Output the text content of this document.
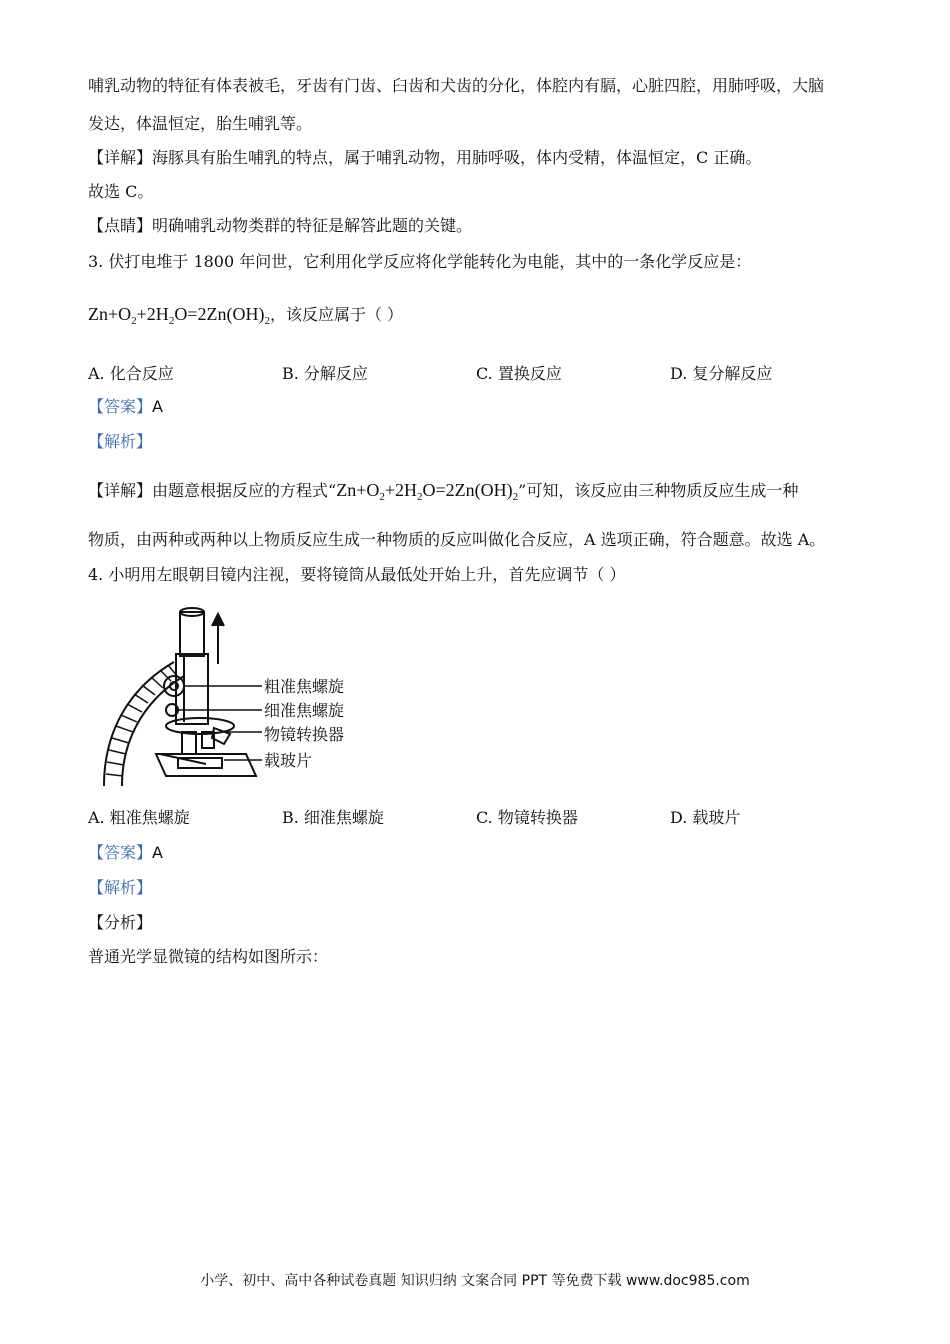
哺乳动物的特征有体表被毛，牙齿有门齿、臼齿和犬齿的分化，体腔内有膈，心脏四腔，用肺呼吸，大脑
发达，体温恒定，胎生哺乳等。
【详解】海豚具有胎生哺乳的特点，属于哺乳动物，用肺呼吸，体内受精，体温恒定，C 正确。
故选 C。
【点睛】明确哺乳动物类群的特征是解答此题的关键。
3. 伏打电堆于 1800 年问世，它利用化学反应将化学能转化为电能，其中的一条化学反应是：
$Zn+O_2+2H_2O=2Zn(OH)_2$，该反应属于（ ）
A. 化合反应	B. 分解反应	C. 置换反应	D. 复分解反应
【答案】A
【解析】
【详解】由题意根据反应的方程式“$Zn+O_2+2H_2O=2Zn(OH)_2$”可知，该反应由三种物质反应生成一种
物质，由两种或两种以上物质反应生成一种物质的反应叫做化合反应，A 选项正确，符合题意。故选 A。
4. 小明用左眼朝目镜内注视，要将镜筒从最低处开始上升，首先应调节（ ）
粗准焦螺旋
细准焦螺旋
物镜转换器
载玻片
A. 粗准焦螺旋	B. 细准焦螺旋	C. 物镜转换器	D. 载玻片
【答案】A
【解析】
【分析】
普通光学显微镜的结构如图所示：
小学、初中、高中各种试卷真题 知识归纳 文案合同 PPT 等免费下载 www.doc985.com
